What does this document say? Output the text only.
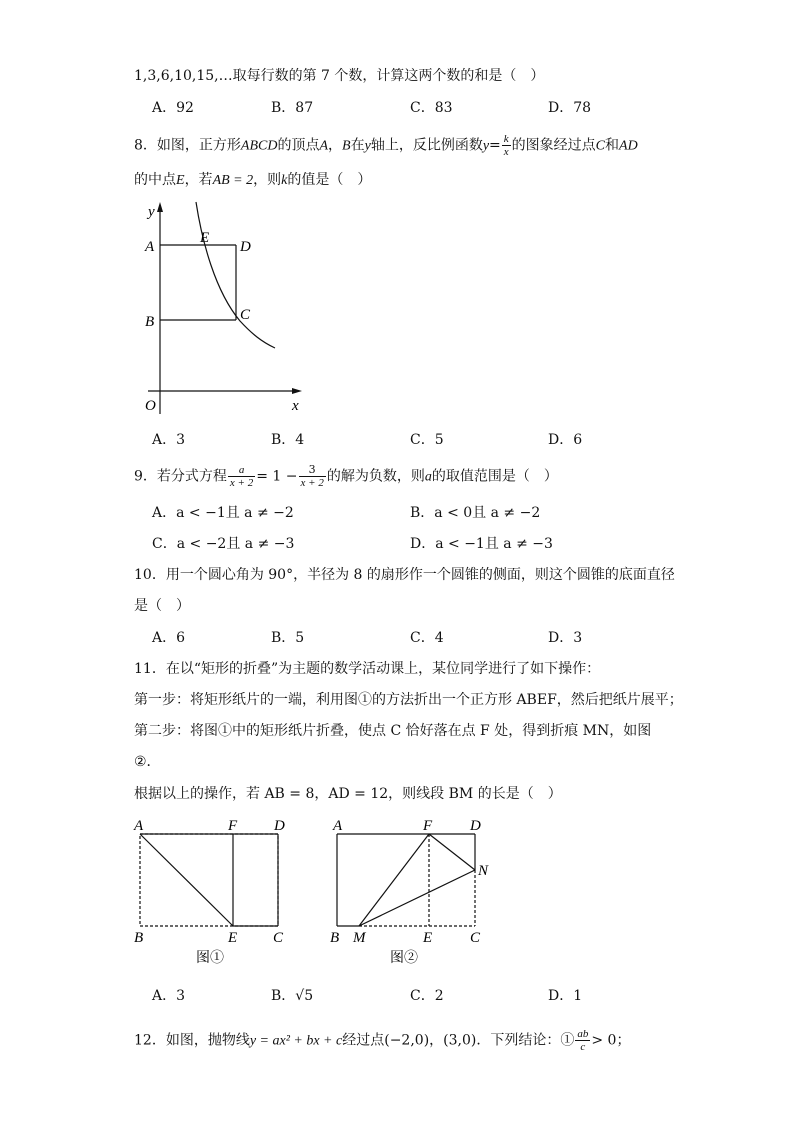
1,3,6,10,15,…取每行数的第 7 个数，计算这两个数的和是（　）
A．92	B．87	C．83	D．78
8．如图，正方形ABCD的顶点A，B在y轴上，反比例函数$y= \frac{k}{x}$ 的图象经过点C和AD
的中点E，若AB = 2，则k的值是（　）
y
x
O
A
B	C
D
E
A．3	B．4	C．5	D．6
9．若分式方程 $\frac{a}{x + 2} = 1 - \frac{3}{x + 2}$ 的解为负数，则a的取值范围是（　）
A．a < −1且 a ≠ −2	B．a < 0且 a ≠ −2
C．a < −2且 a ≠ −3	D．a < −1且 a ≠ −3
10．用一个圆心角为 90°，半径为 8 的扇形作一个圆锥的侧面，则这个圆锥的底面直径
是（　）
A．6	B．5	C．4	D．3
11．在以“矩形的折叠”为主题的数学活动课上，某位同学进行了如下操作：
第一步：将矩形纸片的一端，利用图①的方法折出一个正方形 ABEF，然后把纸片展平；
第二步：将图①中的矩形纸片折叠，使点 C 恰好落在点 F 处，得到折痕 MN，如图
②．
根据以上的操作，若 AB = 8，AD = 12，则线段 BM 的长是（　）
A	F D
B	E C
图①
A	F	D
N
B M	E	C
图②
A．3	B．√5	C．2	D．1
12．如图，抛物线y = ax² + bx + c经过点(−2,0)，(3,0)．下列结论：① $\frac{ab}{c} > 0$；
